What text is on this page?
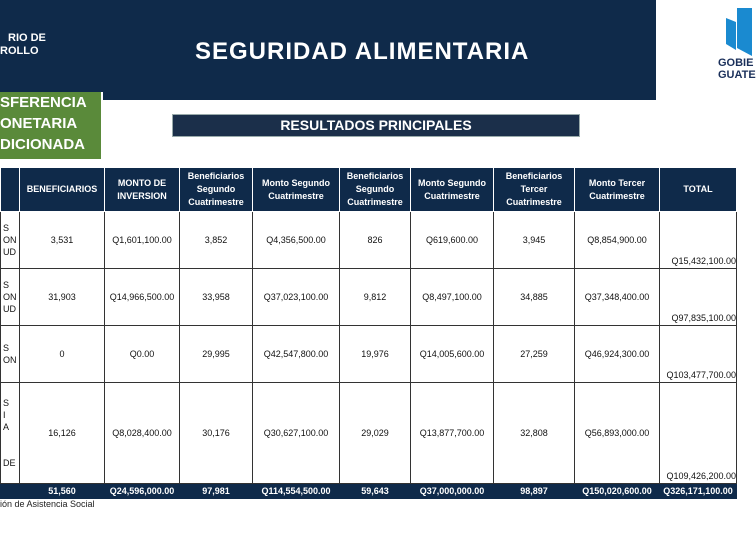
RIO DE
ROLLO	SEGURIDAD ALIMENTARIA	GOBIE
GUATE
SFERENCIA
ONETARIA
DICIONADA
RESULTADOS PRINCIPALES
	BENEFICIARIOS	MONTO DE INVERSION	Beneficiarios Segundo Cuatrimestre	Monto Segundo Cuatrimestre	Beneficiarios Segundo Cuatrimestre	Monto Segundo Cuatrimestre	Beneficiarios Tercer Cuatrimestre	Monto Tercer Cuatrimestre	TOTAL
S
ON
UD	3,531	Q1,601,100.00	3,852	Q4,356,500.00	826	Q619,600.00	3,945	Q8,854,900.00	Q15,432,100.00
S
ON
UD	31,903	Q14,966,500.00	33,958	Q37,023,100.00	9,812	Q8,497,100.00	34,885	Q37,348,400.00	Q97,835,100.00
S
ON	0	Q0.00	29,995	Q42,547,800.00	19,976	Q14,005,600.00	27,259	Q46,924,300.00	Q103,477,700.00
S
I
A

DE	16,126	Q8,028,400.00	30,176	Q30,627,100.00	29,029	Q13,877,700.00	32,808	Q56,893,000.00	Q109,426,200.00
	51,560	Q24,596,000.00	97,981	Q114,554,500.00	59,643	Q37,000,000.00	98,897	Q150,020,600.00	Q326,171,100.00
ión de Asistencia Social
